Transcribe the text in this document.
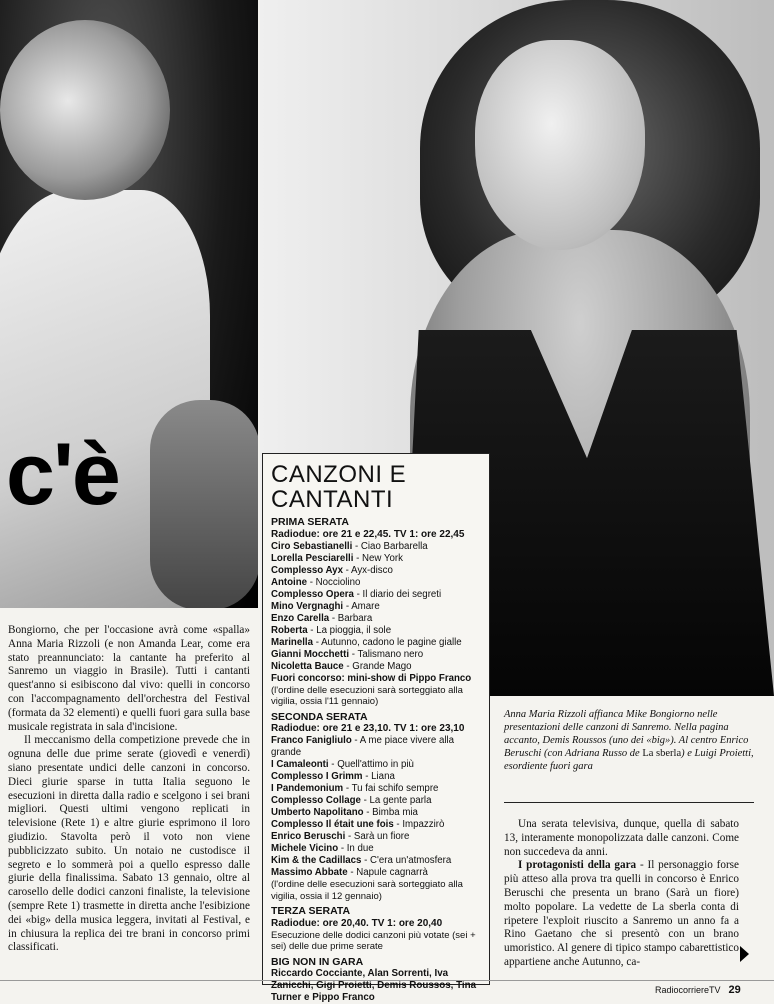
c'è

Bongiorno, che per l'occasione avrà come «spalla» Anna Maria Rizzoli (e non Amanda Lear, come era stato preannunciato: la cantante ha preferito al Sanremo un viaggio in Brasile). Tutti i cantanti quest'anno si esibiscono dal vivo: quelli in concorso con l'accompagnamento dell'orchestra del Festival (formata da 32 elementi) e quelli fuori gara sulla base musicale registrata in sala d'incisione.

Il meccanismo della competizione prevede che in ognuna delle due prime serate (giovedì e venerdì) siano presentate undici delle canzoni in concorso. Dieci giurie sparse in tutta Italia seguono le esecuzioni in diretta dalla radio e scelgono i sei brani migliori. Questi ultimi vengono replicati in televisione (Rete 1) e altre giurie esprimono il loro giudizio. Stavolta però il voto non viene pubblicizzato subito. Un notaio ne custodisce il segreto e lo sommerà poi a quello espresso dalle giurie della finalissima. Sabato 13 gennaio, oltre al carosello delle dodici canzoni finaliste, la televisione (sempre Rete 1) trasmette in diretta anche l'esibizione dei «big» della musica leggera, invitati al Festival, e in chiusura la replica dei tre brani in concorso primi classificati.

CANZONI E
CANTANTI
PRIMA SERATA
Radiodue: ore 21 e 22,45. TV 1: ore 22,45
Ciro Sebastianelli - Ciao Barbarella
Lorella Pesciarelli - New York
Complesso Ayx - Ayx-disco
Antoine - Nocciolino
Complesso Opera - Il diario dei segreti
Mino Vergnaghi - Amare
Enzo Carella - Barbara
Roberta - La pioggia, il sole
Marinella - Autunno, cadono le pagine gialle
Gianni Mocchetti - Talismano nero
Nicoletta Bauce - Grande Mago
Fuori concorso: mini-show di Pippo Franco
(l'ordine delle esecuzioni sarà sorteggiato alla vigilia, ossia l'11 gennaio)
SECONDA SERATA
Radiodue: ore 21 e 23,10. TV 1: ore 23,10
Franco Fanigliulo - A me piace vivere alla grande
I Camaleonti - Quell'attimo in più
Complesso I Grimm - Liana
I Pandemonium - Tu fai schifo sempre
Complesso Collage - La gente parla
Umberto Napolitano - Bimba mia
Complesso Il était une fois - Impazzirò
Enrico Beruschi - Sarà un fiore
Michele Vicino - In due
Kim & the Cadillacs - C'era un'atmosfera
Massimo Abbate - Napule cagnarrà
(l'ordine delle esecuzioni sarà sorteggiato alla vigilia, ossia il 12 gennaio)
TERZA SERATA
Radiodue: ore 20,40. TV 1: ore 20,40
Esecuzione delle dodici canzoni più votate (sei + sei) delle due prime serate
BIG NON IN GARA
Riccardo Cocciante, Alan Sorrenti, Iva Zanicchi, Gigi Proietti, Demis Roussos, Tina Turner e Pippo Franco
Anna Maria Rizzoli affianca Mike Bongiorno nelle presentazioni delle canzoni di Sanremo. Nella pagina accanto, Demis Roussos (uno dei «big»). Al centro Enrico Beruschi (con Adriana Russo de La sberla) e Luigi Proietti, esordiente fuori gara

Una serata televisiva, dunque, quella di sabato 13, interamente monopolizzata dalle canzoni. Come non succedeva da anni.

I protagonisti della gara - Il personaggio forse più atteso alla prova tra quelli in concorso è Enrico Beruschi che presenta un brano (Sarà un fiore) molto popolare. La vedette de La sberla conta di ripetere l'exploit riuscito a Sanremo un anno fa a Rino Gaetano che si presentò con un brano umoristico. Al genere di tipico stampo cabarettistico appartiene anche Autunno, ca-

RadiocorriereTV 29
